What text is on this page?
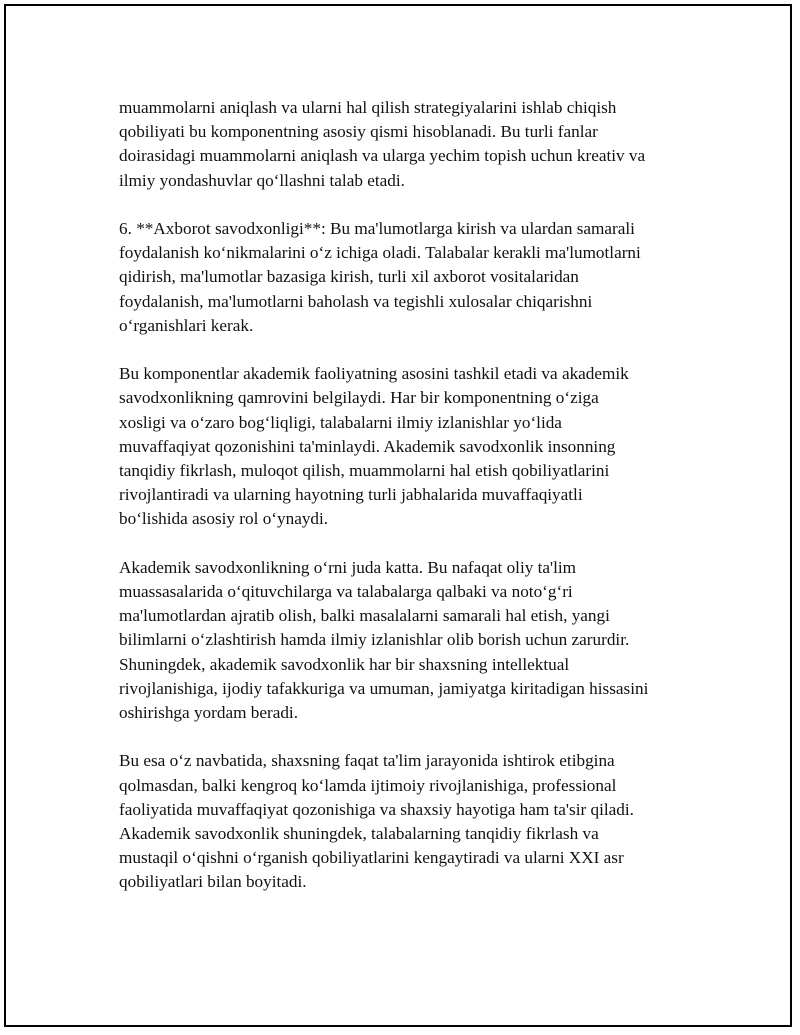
muammolarni aniqlash va ularni hal qilish strategiyalarini ishlab chiqish
qobiliyati bu komponentning asosiy qismi hisoblanadi. Bu turli fanlar
doirasidagi muammolarni aniqlash va ularga yechim topish uchun kreativ va
ilmiy yondashuvlar qo‘llashni talab etadi.

6. **Axborot savodxonligi**: Bu ma'lumotlarga kirish va ulardan samarali
foydalanish ko‘nikmalarini o‘z ichiga oladi. Talabalar kerakli ma'lumotlarni
qidirish, ma'lumotlar bazasiga kirish, turli xil axborot vositalaridan
foydalanish, ma'lumotlarni baholash va tegishli xulosalar chiqarishni
o‘rganishlari kerak.

Bu komponentlar akademik faoliyatning asosini tashkil etadi va akademik
savodxonlikning qamrovini belgilaydi. Har bir komponentning o‘ziga
xosligi va o‘zaro bog‘liqligi, talabalarni ilmiy izlanishlar yo‘lida
muvaffaqiyat qozonishini ta'minlaydi. Akademik savodxonlik insonning
tanqidiy fikrlash, muloqot qilish, muammolarni hal etish qobiliyatlarini
rivojlantiradi va ularning hayotning turli jabhalarida muvaffaqiyatli
bo‘lishida asosiy rol o‘ynaydi.

Akademik savodxonlikning o‘rni juda katta. Bu nafaqat oliy ta'lim
muassasalarida o‘qituvchilarga va talabalarga qalbaki va noto‘g‘ri
ma'lumotlardan ajratib olish, balki masalalarni samarali hal etish, yangi
bilimlarni o‘zlashtirish hamda ilmiy izlanishlar olib borish uchun zarurdir.
Shuningdek, akademik savodxonlik har bir shaxsning intellektual
rivojlanishiga, ijodiy tafakkuriga va umuman, jamiyatga kiritadigan hissasini
oshirishga yordam beradi.

Bu esa o‘z navbatida, shaxsning faqat ta'lim jarayonida ishtirok etibgina
qolmasdan, balki kengroq ko‘lamda ijtimoiy rivojlanishiga, professional
faoliyatida muvaffaqiyat qozonishiga va shaxsiy hayotiga ham ta'sir qiladi.
Akademik savodxonlik shuningdek, talabalarning tanqidiy fikrlash va
mustaqil o‘qishni o‘rganish qobiliyatlarini kengaytiradi va ularni XXI asr
qobiliyatlari bilan boyitadi.
